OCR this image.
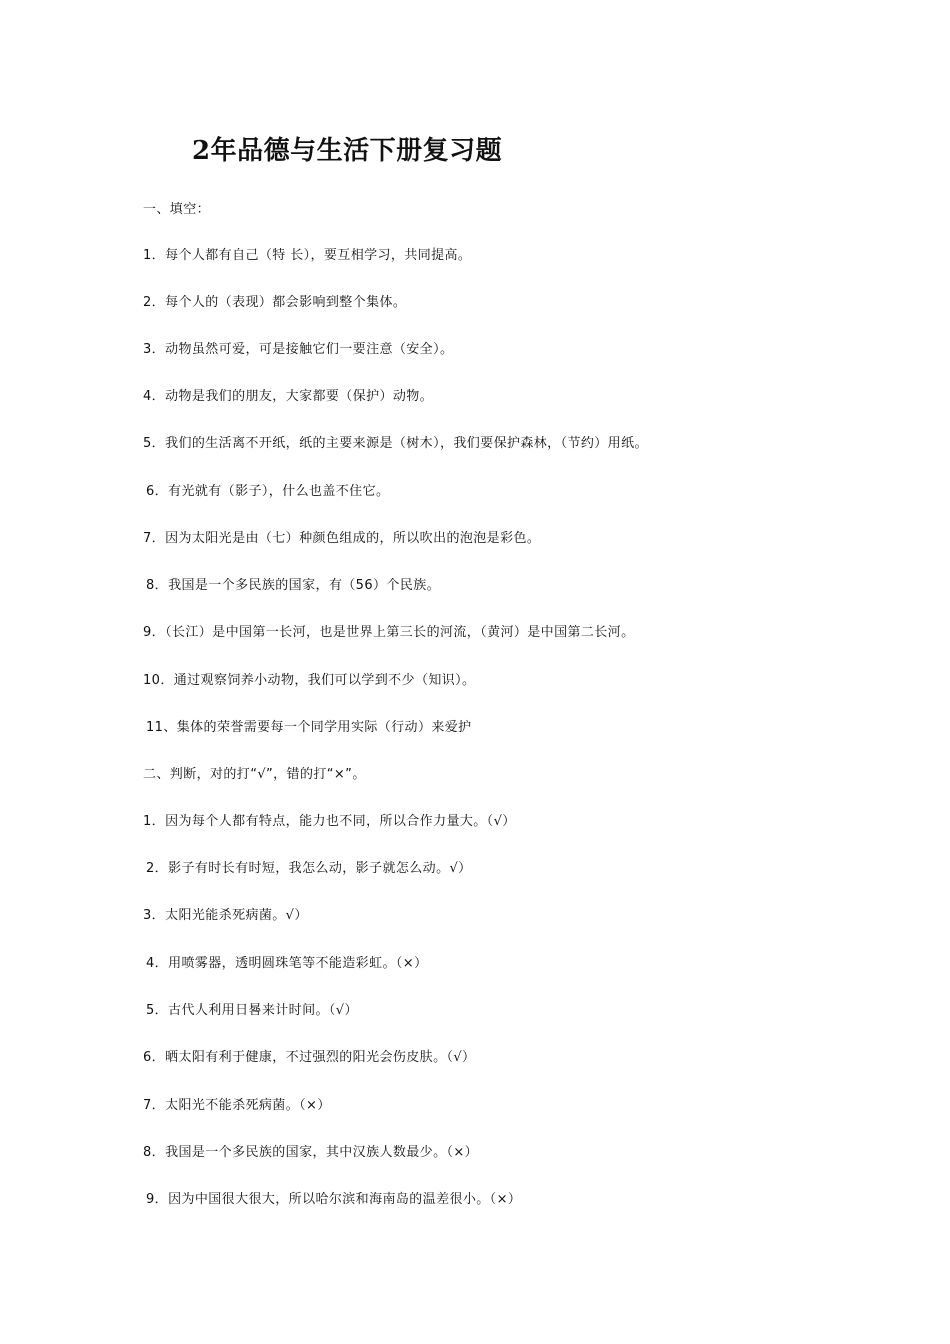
2年品德与生活下册复习题
一、填空：
1．每个人都有自己（特 长），要互相学习，共同提高。
2．每个人的（表现）都会影响到整个集体。
3．动物虽然可爱，可是接触它们一要注意（安全）。
4．动物是我们的朋友，大家都要（保护）动物。
5．我们的生活离不开纸，纸的主要来源是（树木），我们要保护森林，（节约）用纸。
6．有光就有（影子），什么也盖不住它。
7．因为太阳光是由（七）种颜色组成的，所以吹出的泡泡是彩色。
8．我国是一个多民族的国家，有（56）个民族。
9．（长江）是中国第一长河，也是世界上第三长的河流，（黄河）是中国第二长河。
10．通过观察饲养小动物，我们可以学到不少（知识）。
11、集体的荣誉需要每一个同学用实际（行动）来爱护
二、判断，对的打“√”，错的打“×”。
1．因为每个人都有特点，能力也不同，所以合作力量大。（√）
2．影子有时长有时短，我怎么动，影子就怎么动。√）
3．太阳光能杀死病菌。√）
4．用喷雾器，透明圆珠笔等不能造彩虹。（×）
5．古代人利用日晷来计时间。（√）
6．晒太阳有利于健康，不过强烈的阳光会伤皮肤。（√）
7．太阳光不能杀死病菌。（×）
8．我国是一个多民族的国家，其中汉族人数最少。（×）
9．因为中国很大很大，所以哈尔滨和海南岛的温差很小。（×）
